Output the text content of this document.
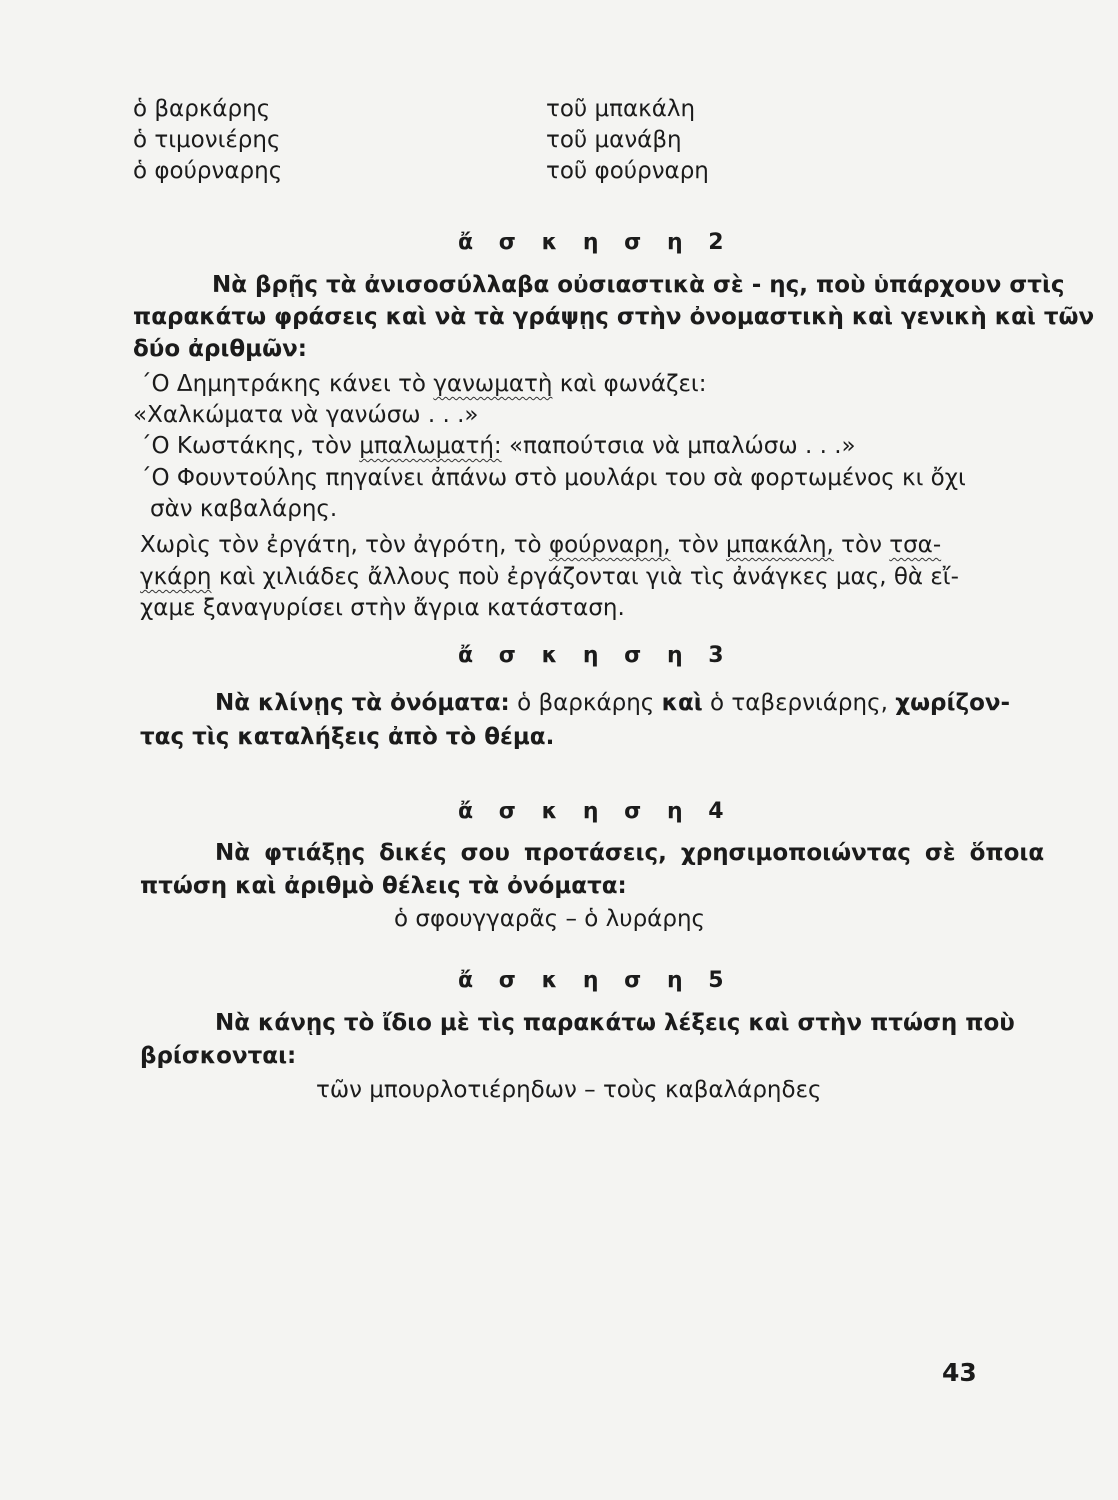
ὁ βαρκάρης	τοῦ μπακάλη
ὁ τιμονιέρης	τοῦ μανάβη
ὁ φούρναρης	τοῦ φούρναρη
ἄ σ κ η σ η 2
Νὰ βρῇς τὰ ἀνισοσύλλαβα οὐσιαστικὰ σὲ - ης, ποὺ ὑπάρχουν στὶς
παρακάτω φράσεις καὶ νὰ τὰ γράψῃς στὴν ὀνομαστικὴ καὶ γενικὴ καὶ τῶν
δύο ἀριθμῶν:
΄Ο Δημητράκης κάνει τὸ γανωματὴ καὶ φωνάζει:
«Χαλκώματα νὰ γανώσω . . .»
΄Ο Κωστάκης, τὸν μπαλωματή: «παπούτσια νὰ μπαλώσω . . .»
΄Ο Φουντούλης πηγαίνει ἀπάνω στὸ μουλάρι του σὰ φορτωμένος κι ὄχι
σὰν καβαλάρης.
Χωρὶς τὸν ἐργάτη, τὸν ἀγρότη, τὸ φούρναρη, τὸν μπακάλη, τὸν τσα-
γκάρη καὶ χιλιάδες ἄλλους ποὺ ἐργάζονται γιὰ τὶς ἀνάγκες μας, θὰ εἴ-
χαμε ξαναγυρίσει στὴν ἄγρια κατάσταση.
ἄ σ κ η σ η 3
Νὰ κλίνῃς τὰ ὀνόματα: ὁ βαρκάρης καὶ ὁ ταβερνιάρης, χωρίζον-
τας τὶς καταλήξεις ἀπὸ τὸ θέμα.
ἄ σ κ η σ η 4
Νὰ φτιάξῃς δικές σου προτάσεις, χρησιμοποιώντας σὲ ὅποια
πτώση καὶ ἀριθμὸ θέλεις τὰ ὀνόματα:
ὁ σφουγγαρᾶς – ὁ λυράρης
ἄ σ κ η σ η 5
Νὰ κάνῃς τὸ ἴδιο μὲ τὶς παρακάτω λέξεις καὶ στὴν πτώση ποὺ
βρίσκονται:
τῶν μπουρλοτιέρηδων – τοὺς καβαλάρηδες
43
